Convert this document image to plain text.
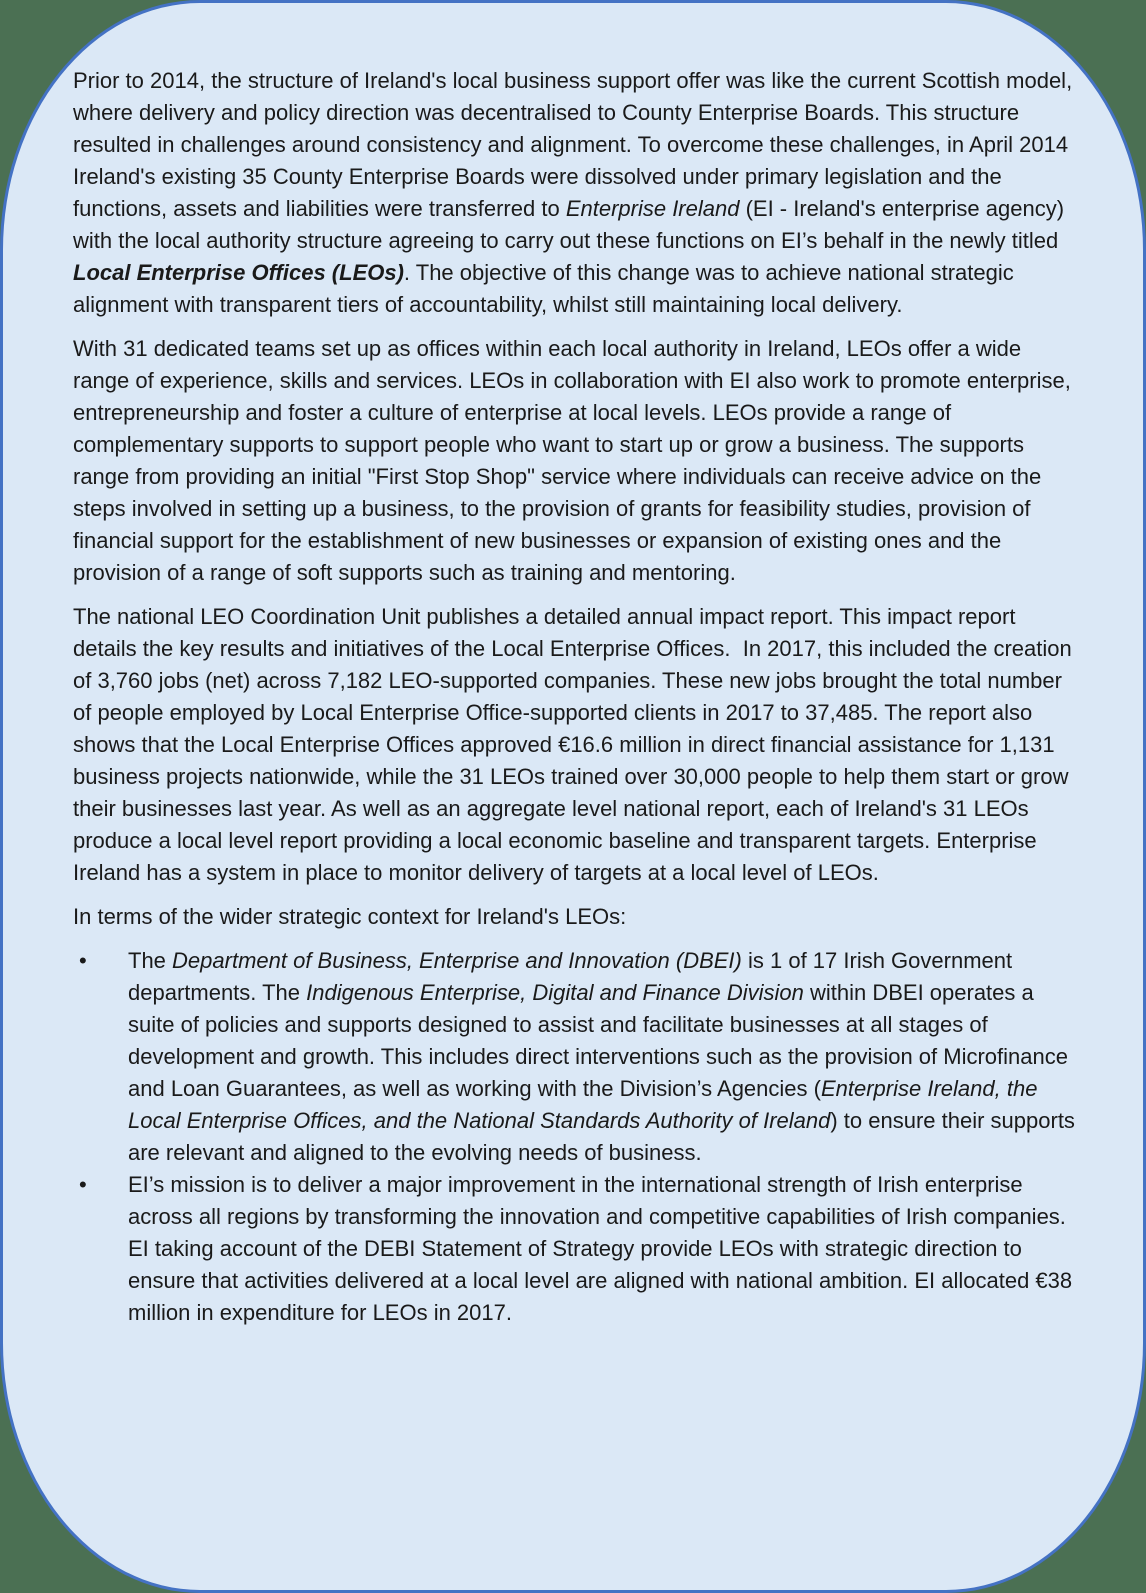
Prior to 2014, the structure of Ireland's local business support offer was like the current Scottish model, where delivery and policy direction was decentralised to County Enterprise Boards. This structure resulted in challenges around consistency and alignment. To overcome these challenges, in April 2014 Ireland's existing 35 County Enterprise Boards were dissolved under primary legislation and the functions, assets and liabilities were transferred to Enterprise Ireland (EI - Ireland's enterprise agency) with the local authority structure agreeing to carry out these functions on EI’s behalf in the newly titled Local Enterprise Offices (LEOs). The objective of this change was to achieve national strategic alignment with transparent tiers of accountability, whilst still maintaining local delivery.

With 31 dedicated teams set up as offices within each local authority in Ireland, LEOs offer a wide range of experience, skills and services. LEOs in collaboration with EI also work to promote enterprise, entrepreneurship and foster a culture of enterprise at local levels. LEOs provide a range of complementary supports to support people who want to start up or grow a business. The supports range from providing an initial "First Stop Shop" service where individuals can receive advice on the steps involved in setting up a business, to the provision of grants for feasibility studies, provision of financial support for the establishment of new businesses or expansion of existing ones and the provision of a range of soft supports such as training and mentoring.

The national LEO Coordination Unit publishes a detailed annual impact report. This impact report details the key results and initiatives of the Local Enterprise Offices.  In 2017, this included the creation of 3,760 jobs (net) across 7,182 LEO-supported companies. These new jobs brought the total number of people employed by Local Enterprise Office-supported clients in 2017 to 37,485. The report also shows that the Local Enterprise Offices approved €16.6 million in direct financial assistance for 1,131 business projects nationwide, while the 31 LEOs trained over 30,000 people to help them start or grow their businesses last year. As well as an aggregate level national report, each of Ireland's 31 LEOs produce a local level report providing a local economic baseline and transparent targets. Enterprise Ireland has a system in place to monitor delivery of targets at a local level of LEOs.

In terms of the wider strategic context for Ireland's LEOs:

•	The Department of Business, Enterprise and Innovation (DBEI) is 1 of 17 Irish Government departments. The Indigenous Enterprise, Digital and Finance Division within DBEI operates a suite of policies and supports designed to assist and facilitate businesses at all stages of development and growth. This includes direct interventions such as the provision of Microfinance and Loan Guarantees, as well as working with the Division’s Agencies (Enterprise Ireland, the Local Enterprise Offices, and the National Standards Authority of Ireland) to ensure their supports are relevant and aligned to the evolving needs of business.
•	EI’s mission is to deliver a major improvement in the international strength of Irish enterprise across all regions by transforming the innovation and competitive capabilities of Irish companies. EI taking account of the DEBI Statement of Strategy provide LEOs with strategic direction to ensure that activities delivered at a local level are aligned with national ambition. EI allocated €38 million in expenditure for LEOs in 2017.
